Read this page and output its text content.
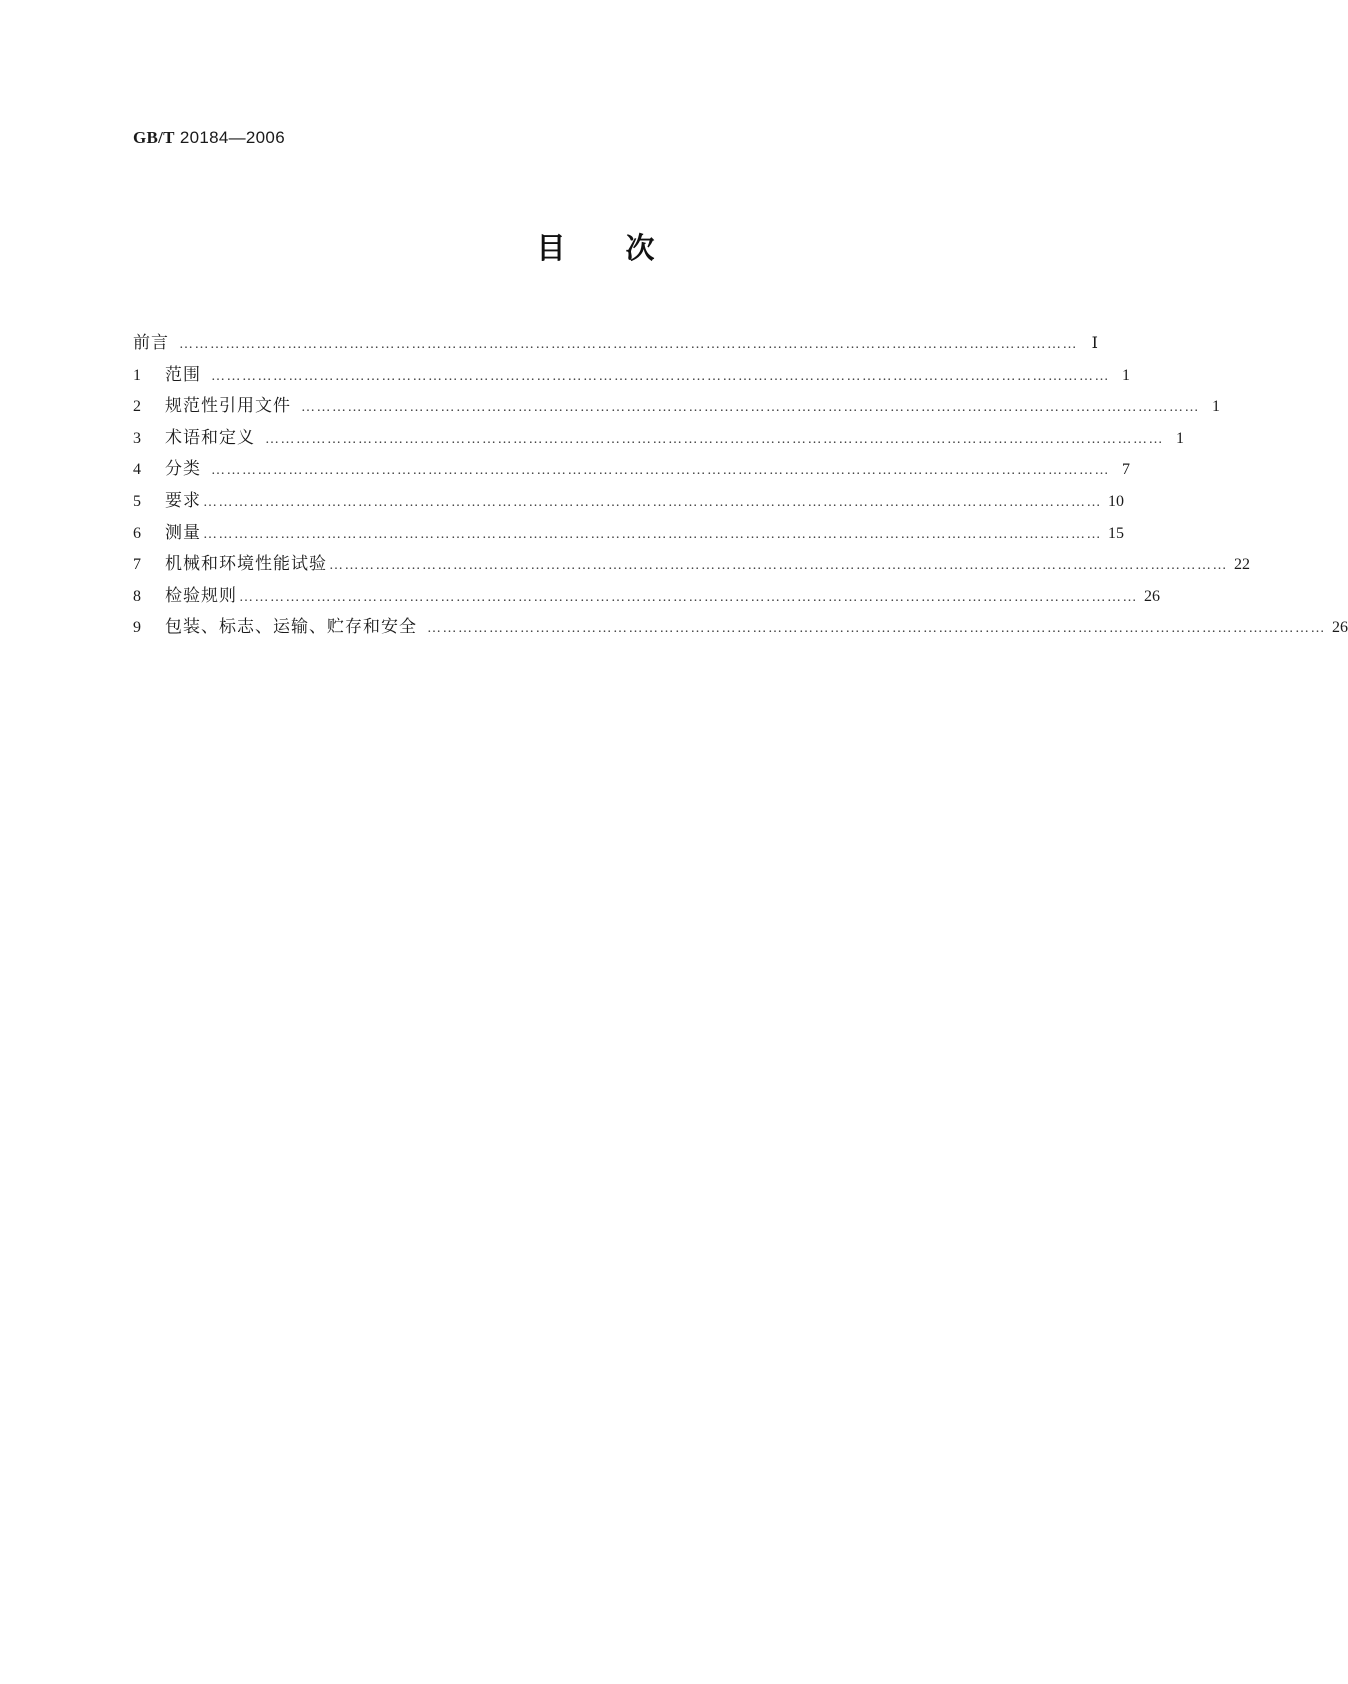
GB/T 20184—2006
目次
前言 ………………………………………………………………………………………………………………………………………………………… Ⅰ
1	范围 ………………………………………………………………………………………………………………………………………………………… 1
2	规范性引用文件 ………………………………………………………………………………………………………………………………………………………… 1
3	术语和定义 ………………………………………………………………………………………………………………………………………………………… 1
4	分类 ………………………………………………………………………………………………………………………………………………………… 7
5	要求 ………………………………………………………………………………………………………………………………………………………… 10
6	测量 ………………………………………………………………………………………………………………………………………………………… 15
7	机械和环境性能试验 ………………………………………………………………………………………………………………………………………………………… 22
8	检验规则 ………………………………………………………………………………………………………………………………………………………… 26
9	包装、标志、运输、贮存和安全 ………………………………………………………………………………………………………………………………………………………… 26
